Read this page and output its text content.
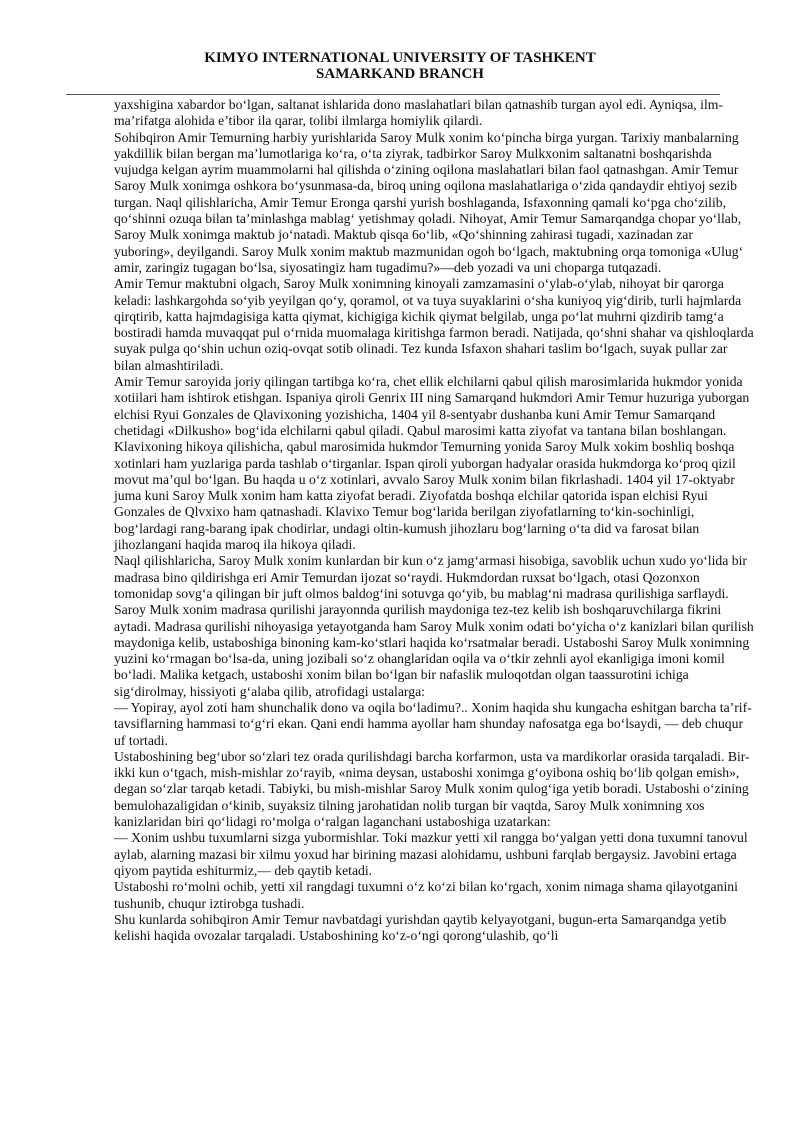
KIMYO INTERNATIONAL UNIVERSITY OF TASHKENT
SAMARKAND BRANCH

yaxshigina xabardor bo‘lgan, saltanat ishlarida dono maslahatlari bilan qatnashib turgan ayol edi. Ayniqsa, ilm-ma’rifatga alohida e’tibor ila qarar, tolibi ilmlarga homiylik qilardi.

Sohibqiron Amir Temurning harbiy yurishlarida Saroy Mulk xonim ko‘pincha birga yurgan. Tarixiy manbalarning yakdillik bilan bergan ma’lumotlariga ko‘ra, o‘ta ziyrak, tadbirkor Saroy Mulkxonim saltanatni boshqarishda vujudga kelgan ayrim muammolarni hal qilishda o‘zining oqilona maslahatlari bilan faol qatnashgan. Amir Temur Saroy Mulk xonimga oshkora bo‘ysunmasa-da, biroq uning oqilona maslahatlariga o‘zida qandaydir ehtiyoj sezib turgan. Naql qilishlaricha, Amir Temur Eronga qarshi yurish boshlaganda, Isfaxonning qamali ko‘pga cho‘zilib, qo‘shinni ozuqa bilan ta’minlashga mablag‘ yetishmay qoladi. Nihoyat, Amir Temur Samarqandga chopar yo‘llab, Saroy Mulk xonimga maktub jo‘natadi. Maktub qisqa 6o‘lib, «Qo‘shinning zahirasi tugadi, xazinadan zar yuboring», deyilgandi. Saroy Mulk xonim maktub mazmunidan ogoh bo‘lgach, maktubning orqa tomoniga «Ulug‘ amir, zaringiz tugagan bo‘lsa, siyosatingiz ham tugadimu?»—deb yozadi va uni choparga tutqazadi.

Amir Temur maktubni olgach, Saroy Mulk xonimning kinoyali zamzamasini o‘ylab-o‘ylab, nihoyat bir qarorga keladi: lashkargohda so‘yib yeyilgan qo‘y, qoramol, ot va tuya suyaklarini o‘sha kuniyoq yig‘dirib, turli hajmlarda qirqtirib, katta hajmdagisiga katta qiymat, kichigiga kichik qiymat belgilab, unga po‘lat muhrni qizdirib tamg‘a bostiradi hamda muvaqqat pul o‘rnida muomalaga kiritishga farmon beradi. Natijada, qo‘shni shahar va qishloqlarda suyak pulga qo‘shin uchun oziq-ovqat sotib olinadi. Tez kunda Isfaxon shahari taslim bo‘lgach, suyak pullar zar bilan almashtiriladi.

Amir Temur saroyida joriy qilingan tartibga ko‘ra, chet ellik elchilarni qabul qilish marosimlarida hukmdor yonida xotiilari ham ishtirok etishgan. Ispaniya qiroli Genrix III ning Samarqand hukmdori Amir Temur huzuriga yuborgan elchisi Ryui Gonzales de Qlavixoning yozishicha, 1404 yil 8-sentyabr dushanba kuni Amir Temur Samarqand chetidagi «Dilkusho» bog‘ida elchilarni qabul qiladi. Qabul marosimi katta ziyofat va tantana bilan boshlangan. Klavixoning hikoya qilishicha, qabul marosimida hukmdor Temurning yonida Saroy Mulk xokim boshliq boshqa xotinlari ham yuzlariga parda tashlab o‘tirganlar. Ispan qiroli yuborgan hadyalar orasida hukmdorga ko‘proq qizil movut ma’qul bo‘lgan. Bu haqda u o‘z xotinlari, avvalo Saroy Mulk xonim bilan fikrlashadi. 1404 yil 17-oktyabr juma kuni Saroy Mulk xonim ham katta ziyofat beradi. Ziyofatda boshqa elchilar qatorida ispan elchisi Ryui Gonzales de Qlvxixo ham qatnashadi. Klavixo Temur bog‘larida berilgan ziyofatlarning to‘kin-sochinligi, bog‘lardagi rang-barang ipak chodirlar, undagi oltin-kumush jihozlaru bog‘larning o‘ta did va farosat bilan jihozlangani haqida maroq ila hikoya qiladi.

Naql qilishlaricha, Saroy Mulk xonim kunlardan bir kun o‘z jamg‘armasi hisobiga, savoblik uchun xudo yo‘lida bir madrasa bino qildirishga eri Amir Temurdan ijozat so‘raydi. Hukmdordan ruxsat bo‘lgach, otasi Qozonxon tomonidap sovg‘a qilingan bir juft olmos baldog‘ini sotuvga qo‘yib, bu mablag‘ni madrasa qurilishiga sarflaydi. Saroy Mulk xonim madrasa qurilishi jarayonnda qurilish maydoniga tez-tez kelib ish boshqaruvchilarga fikrini aytadi. Madrasa qurilishi nihoyasiga yetayotganda ham Saroy Mulk xonim odati bo‘yicha o‘z kanizlari bilan qurilish maydoniga kelib, ustaboshiga binoning kam-ko‘stlari haqida ko‘rsatmalar beradi. Ustaboshi Saroy Mulk xonimning yuzini ko‘rmagan bo‘lsa-da, uning jozibali so‘z ohanglaridan oqila va o‘tkir zehnli ayol ekanligiga imoni komil bo‘ladi. Malika ketgach, ustaboshi xonim bilan bo‘lgan bir nafaslik muloqotdan olgan taassurotini ichiga sig‘dirolmay, hissiyoti g‘alaba qilib, atrofidagi ustalarga:

— Yopiray, ayol zoti ham shunchalik dono va oqila bo‘ladimu?.. Xonim haqida shu kungacha eshitgan barcha ta’rif-tavsiflarning hammasi to‘g‘ri ekan. Qani endi hamma ayollar ham shunday nafosatga ega bo‘lsaydi, — deb chuqur uf tortadi.

Ustaboshining beg‘ubor so‘zlari tez orada qurilishdagi barcha korfarmon, usta va mardikorlar orasida tarqaladi. Bir-ikki kun o‘tgach, mish-mishlar zo‘rayib, «nima deysan, ustaboshi xonimga g‘oyibona oshiq bo‘lib qolgan emish», degan so‘zlar tarqab ketadi. Tabiyki, bu mish-mishlar Saroy Mulk xonim qulog‘iga yetib boradi. Ustaboshi o‘zining bemulohazaligidan o‘kinib, suyaksiz tilning jarohatidan nolib turgan bir vaqtda, Saroy Mulk xonimning xos kanizlaridan biri qo‘lidagi ro‘molga o‘ralgan laganchani ustaboshiga uzatarkan:

— Xonim ushbu tuxumlarni sizga yubormishlar. Toki mazkur yetti xil rangga bo‘yalgan yetti dona tuxumni tanovul aylab, alarning mazasi bir xilmu yoxud har birining mazasi alohidamu, ushbuni farqlab bergaysiz. Javobini ertaga qiyom paytida eshiturmiz,— deb qaytib ketadi.

Ustaboshi ro‘molni ochib, yetti xil rangdagi tuxumni o‘z ko‘zi bilan ko‘rgach, xonim nimaga shama qilayotganini tushunib, chuqur iztirobga tushadi.

Shu kunlarda sohibqiron Amir Temur navbatdagi yurishdan qaytib kelyayotgani, bugun-erta Samarqandga yetib kelishi haqida ovozalar tarqaladi. Ustaboshining ko‘z-o‘ngi qorong‘ulashib, qo‘li
